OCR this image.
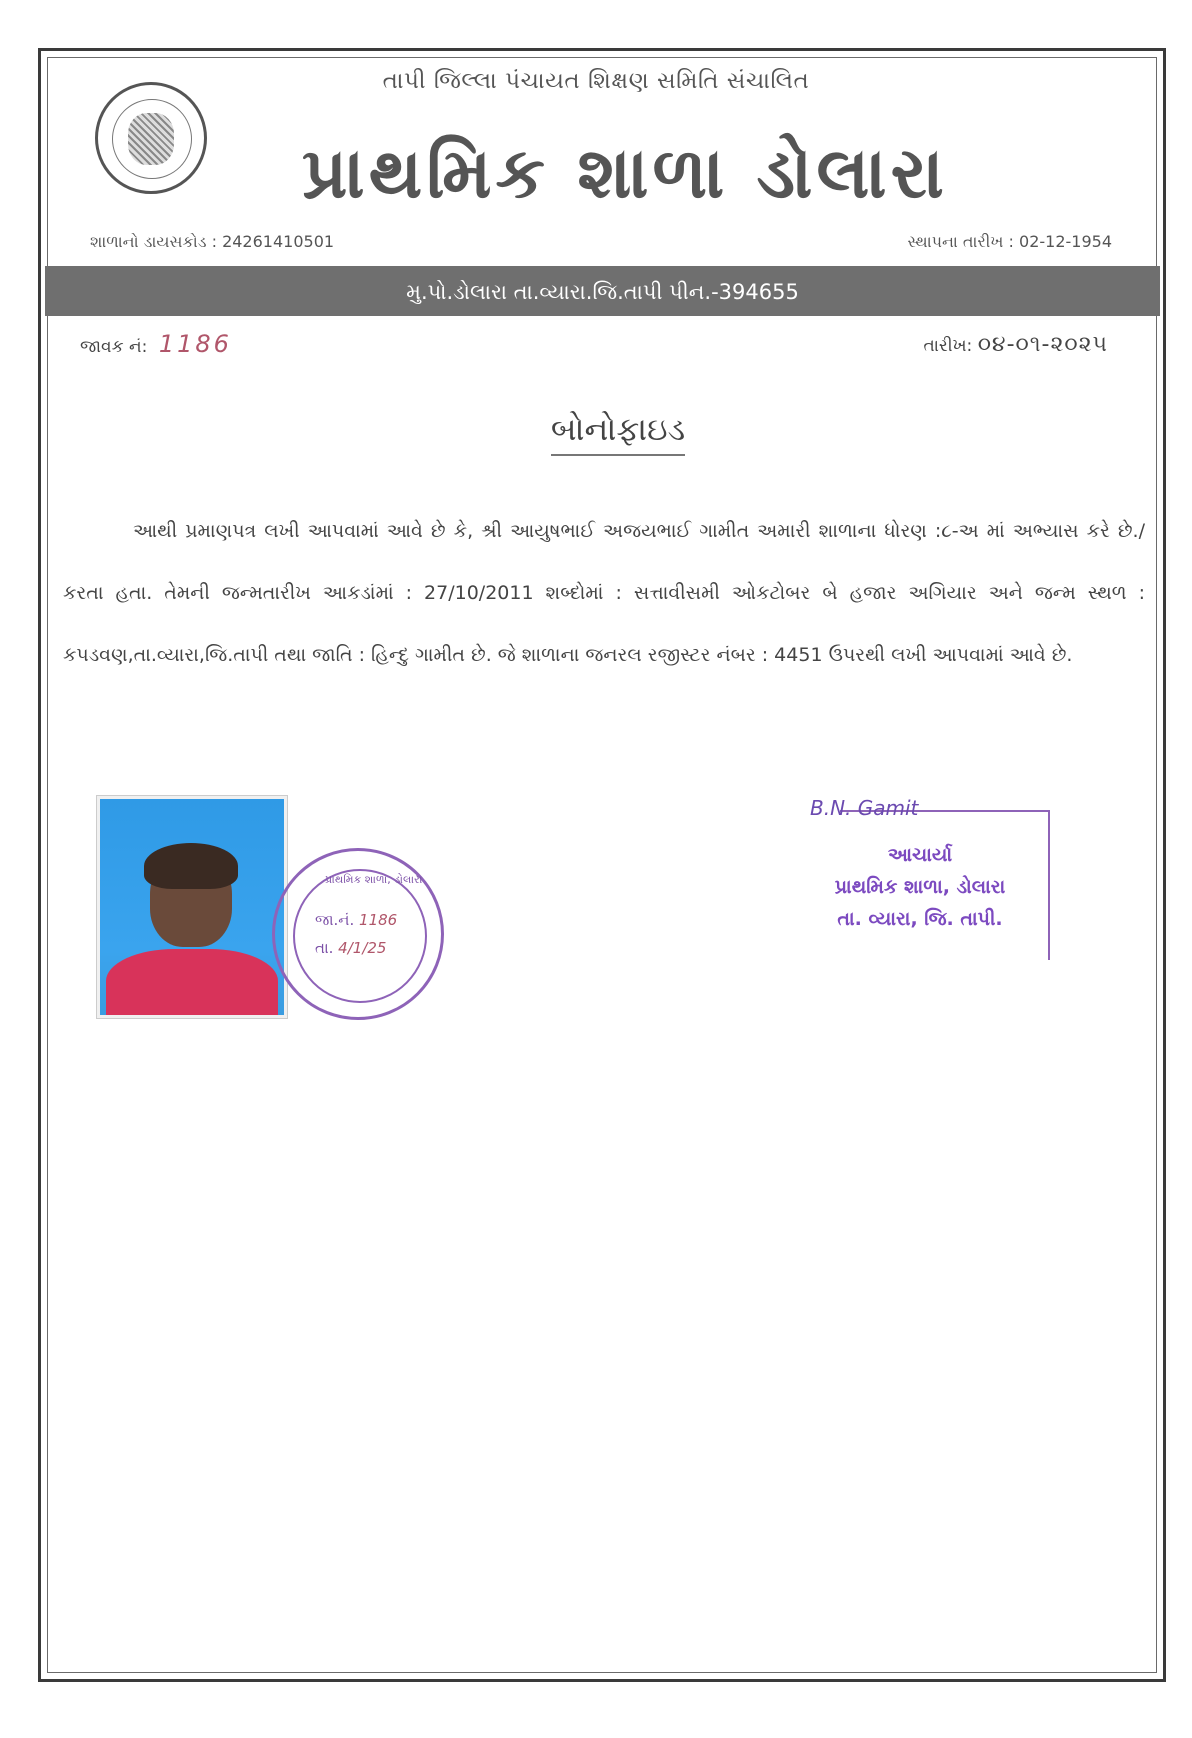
તાપી જિલ્લા પંચાયત શિક્ષણ સમિતિ સંચાલિત
પ્રાથમિક શાળા ડોલારા
શાળાનો ડાયસકોડ : 24261410501	સ્થાપના તારીખ : 02-12-1954
મુ.પો.ડોલારા તા.વ્યારા.જિ.તાપી પીન.-394655
જાવક નં: 1186	તારીખ: ૦૪-૦૧-૨૦૨૫
બોનોફાઇડ
આથી પ્રમાણપત્ર લખી આપવામાં આવે છે કે, શ્રી આયુષભાઈ અજયભાઈ ગામીત અમારી શાળાના ધોરણ :૮-અ માં અભ્યાસ કરે છે./ કરતા હતા. તેમની જન્મતારીખ આકડાંમાં : 27/10/2011 શબ્દોમાં : સત્તાવીસમી ઓકટોબર બે હજાર અગિયાર અને જન્મ સ્થળ : કપડવણ,તા.વ્યારા,જિ.તાપી તથા જાતિ : હિન્દુ ગામીત છે. જે શાળાના જનરલ રજીસ્ટર નંબર : 4451 ઉપરથી લખી આપવામાં આવે છે.
પ્રાથમિક શાળા, ડોલારા
જા.નં. 1186
તા. 4/1/25
B.N. Gamit
આચાર્યા
પ્રાથમિક શાળા, ડોલારા
તા. વ્યારા, જિ. તાપી.
